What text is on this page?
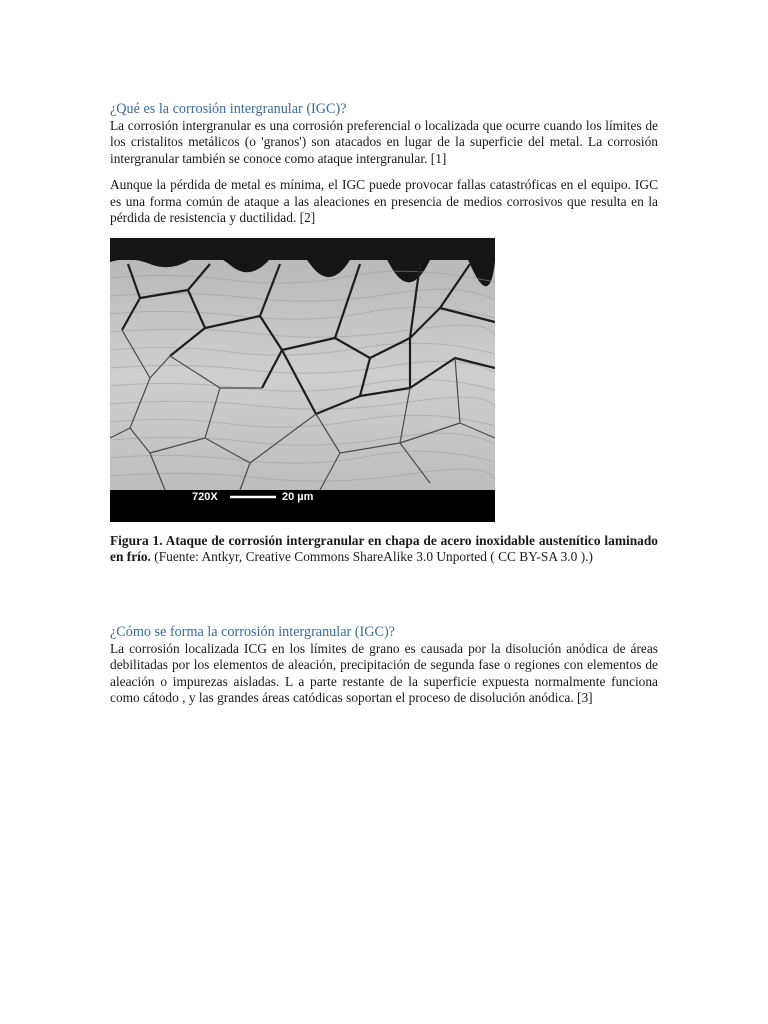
¿Qué es la corrosión intergranular (IGC)?

La corrosión intergranular es una corrosión preferencial o localizada que ocurre cuando los límites de los cristalitos metálicos (o 'granos') son atacados en lugar de la superficie del metal. La corrosión intergranular también se conoce como ataque intergranular. [1]

Aunque la pérdida de metal es mínima, el IGC puede provocar fallas catastróficas en el equipo. IGC es una forma común de ataque a las aleaciones en presencia de medios corrosivos que resulta en la pérdida de resistencia y ductilidad. [2]

720X	20 µm
Figura 1. Ataque de corrosión intergranular en chapa de acero inoxidable austenítico laminado en frío. (Fuente: Antkyr, Creative Commons ShareAlike 3.0 Unported ( CC BY-SA 3.0 ).)
¿Cómo se forma la corrosión intergranular (IGC)?

La corrosión localizada ICG en los límites de grano es causada por la disolución anódica de áreas debilitadas por los elementos de aleación, precipitación de segunda fase o regiones con elementos de aleación o impurezas aisladas. L a parte restante de la superficie expuesta normalmente funciona como cátodo , y las grandes áreas catódicas soportan el proceso de disolución anódica. [3]
